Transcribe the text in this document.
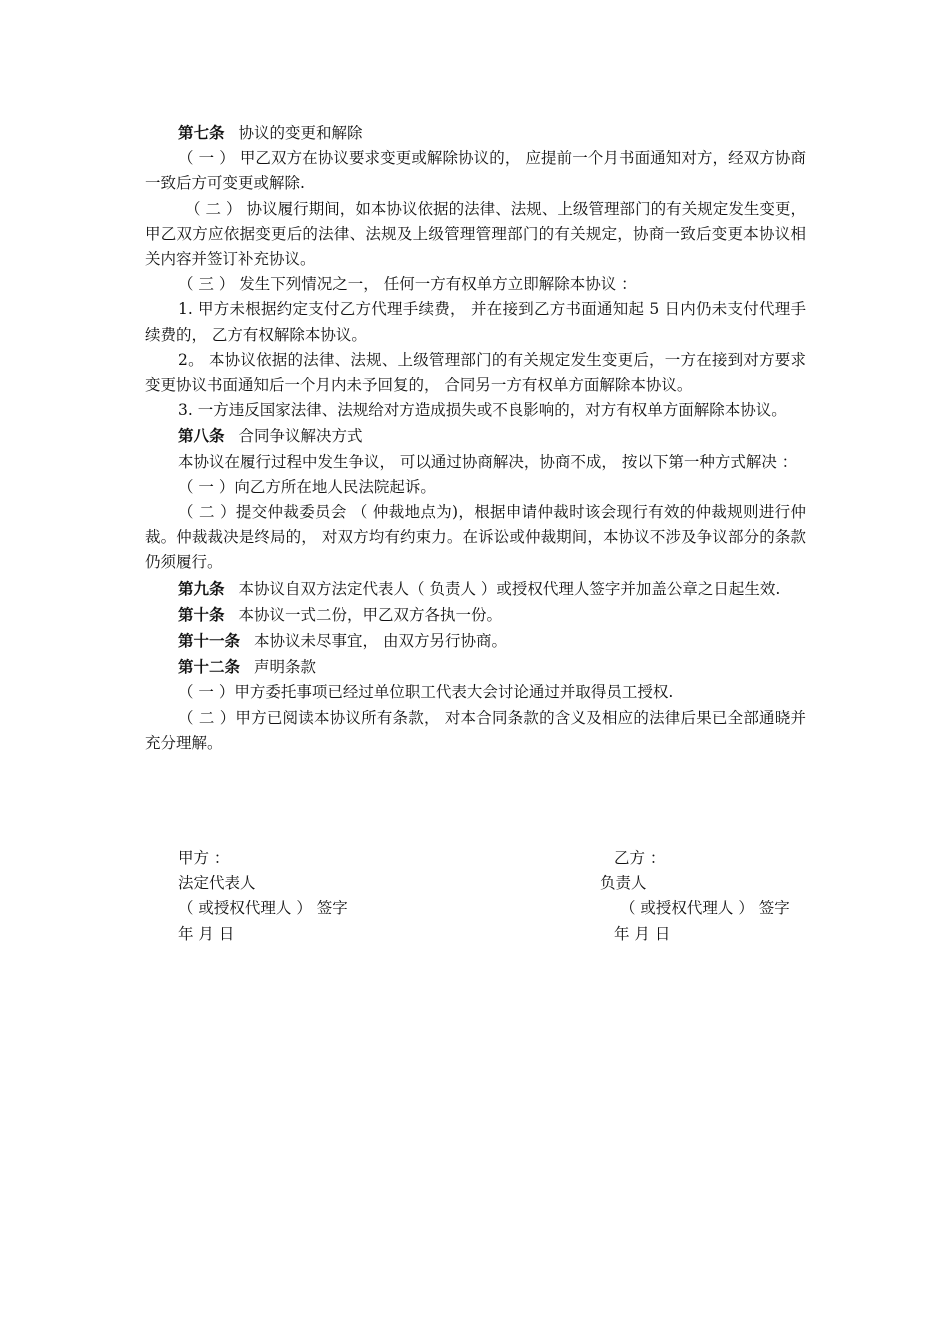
第七条 协议的变更和解除

（ 一 ） 甲乙双方在协议要求变更或解除协议的， 应提前一个月书面通知对方，经双方协商一致后方可变更或解除.

（ 二 ） 协议履行期间，如本协议依据的法律、法规、上级管理部门的有关规定发生变更，甲乙双方应依据变更后的法律、法规及上级管理管理部门的有关规定，协商一致后变更本协议相关内容并签订补充协议。

（ 三 ） 发生下列情况之一， 任何一方有权单方立即解除本协议 ：

1. 甲方未根据约定支付乙方代理手续费， 并在接到乙方书面通知起 5 日内仍未支付代理手续费的， 乙方有权解除本协议。

2。 本协议依据的法律、法规、上级管理部门的有关规定发生变更后，一方在接到对方要求变更协议书面通知后一个月内未予回复的， 合同另一方有权单方面解除本协议。

3. 一方违反国家法律、法规给对方造成损失或不良影响的，对方有权单方面解除本协议。

第八条 合同争议解决方式

本协议在履行过程中发生争议， 可以通过协商解决，协商不成， 按以下第一种方式解决 ：

（ 一 ）向乙方所在地人民法院起诉。

（ 二 ）提交仲裁委员会 （ 仲裁地点为)，根据申请仲裁时该会现行有效的仲裁规则进行仲裁。仲裁裁决是终局的， 对双方均有约束力。在诉讼或仲裁期间，本协议不涉及争议部分的条款仍须履行。

第九条 本协议自双方法定代表人（ 负责人 ）或授权代理人签字并加盖公章之日起生效.

第十条 本协议一式二份，甲乙双方各执一份。

第十一条 本协议未尽事宜， 由双方另行协商。

第十二条 声明条款

（ 一 ）甲方委托事项已经过单位职工代表大会讨论通过并取得员工授权.

（ 二 ）甲方已阅读本协议所有条款， 对本合同条款的含义及相应的法律后果已全部通晓并充分理解。

甲方 ：
法定代表人
（ 或授权代理人 ） 签字
年 月 日
乙方 ：
负责人
（ 或授权代理人 ） 签字
年 月 日
